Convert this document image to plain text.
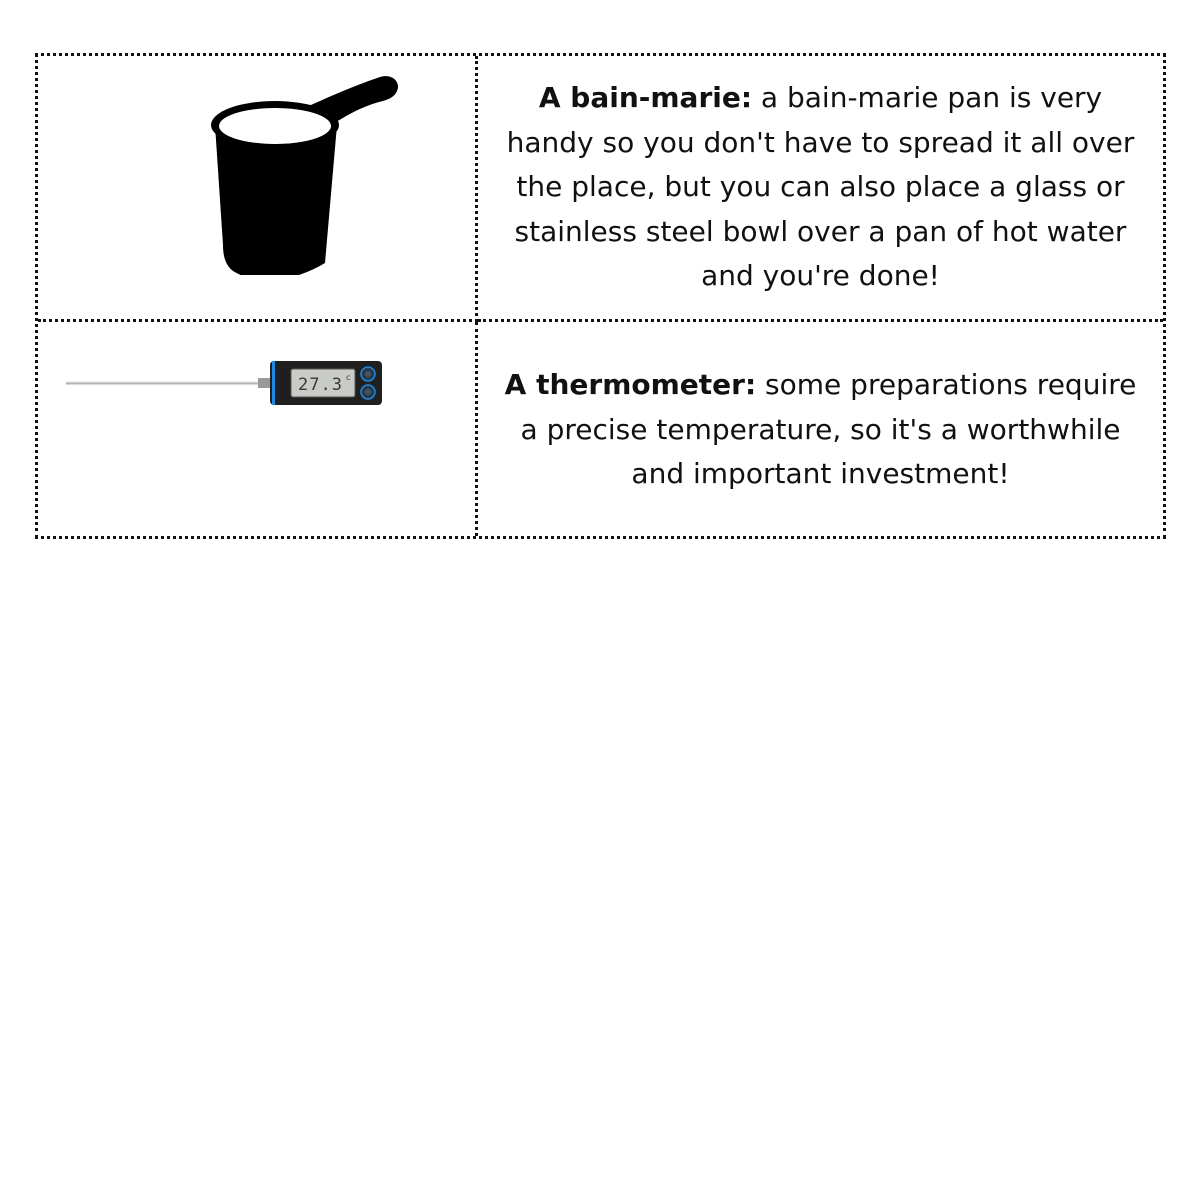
A bain-marie: a bain-marie pan is very handy so you don't have to spread it all over the place, but you can also place a glass or stainless steel bowl over a pan of hot water and you're done!

27.3 c	A thermometer: some preparations require a precise temperature, so it's a worthwhile and important investment!
